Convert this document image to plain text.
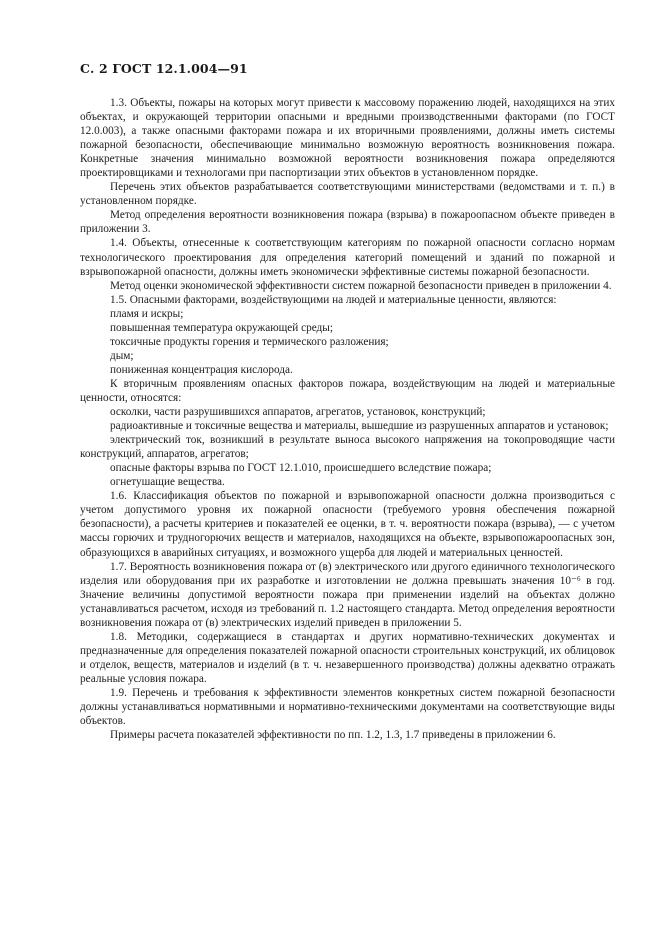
С. 2 ГОСТ 12.1.004—91

1.3. Объекты, пожары на которых могут привести к массовому поражению людей, находящихся на этих объектах, и окружающей территории опасными и вредными производственными факторами (по ГОСТ 12.0.003), а также опасными факторами пожара и их вторичными проявлениями, должны иметь системы пожарной безопасности, обеспечивающие минимально возможную вероятность возникновения пожара. Конкретные значения минимально возможной вероятности возникновения пожара определяются проектировщиками и технологами при паспортизации этих объектов в установленном порядке.

Перечень этих объектов разрабатывается соответствующими министерствами (ведомствами и т. п.) в установленном порядке.

Метод определения вероятности возникновения пожара (взрыва) в пожароопасном объекте приведен в приложении 3.

1.4. Объекты, отнесенные к соответствующим категориям по пожарной опасности согласно нормам технологического проектирования для определения категорий помещений и зданий по пожарной и взрывопожарной опасности, должны иметь экономически эффективные системы пожарной безопасности.

Метод оценки экономической эффективности систем пожарной безопасности приведен в приложении 4.

1.5. Опасными факторами, воздействующими на людей и материальные ценности, являются:

пламя и искры;

повышенная температура окружающей среды;

токсичные продукты горения и термического разложения;

дым;

пониженная концентрация кислорода.

К вторичным проявлениям опасных факторов пожара, воздействующим на людей и материальные ценности, относятся:

осколки, части разрушившихся аппаратов, агрегатов, установок, конструкций;

радиоактивные и токсичные вещества и материалы, вышедшие из разрушенных аппаратов и установок;

электрический ток, возникший в результате выноса высокого напряжения на токопроводящие части конструкций, аппаратов, агрегатов;

опасные факторы взрыва по ГОСТ 12.1.010, происшедшего вследствие пожара;

огнетушащие вещества.

1.6. Классификация объектов по пожарной и взрывопожарной опасности должна производиться с учетом допустимого уровня их пожарной опасности (требуемого уровня обеспечения пожарной безопасности), а расчеты критериев и показателей ее оценки, в т. ч. вероятности пожара (взрыва), — с учетом массы горючих и трудногорючих веществ и материалов, находящихся на объекте, взрывопожароопасных зон, образующихся в аварийных ситуациях, и возможного ущерба для людей и материальных ценностей.

1.7. Вероятность возникновения пожара от (в) электрического или другого единичного технологического изделия или оборудования при их разработке и изготовлении не должна превышать значения 10⁻⁶ в год. Значение величины допустимой вероятности пожара при применении изделий на объектах должно устанавливаться расчетом, исходя из требований п. 1.2 настоящего стандарта. Метод определения вероятности возникновения пожара от (в) электрических изделий приведен в приложении 5.

1.8. Методики, содержащиеся в стандартах и других нормативно-технических документах и предназначенные для определения показателей пожарной опасности строительных конструкций, их облицовок и отделок, веществ, материалов и изделий (в т. ч. незавершенного производства) должны адекватно отражать реальные условия пожара.

1.9. Перечень и требования к эффективности элементов конкретных систем пожарной безопасности должны устанавливаться нормативными и нормативно-техническими документами на соответствующие виды объектов.

Примеры расчета показателей эффективности по пп. 1.2, 1.3, 1.7 приведены в приложении 6.
